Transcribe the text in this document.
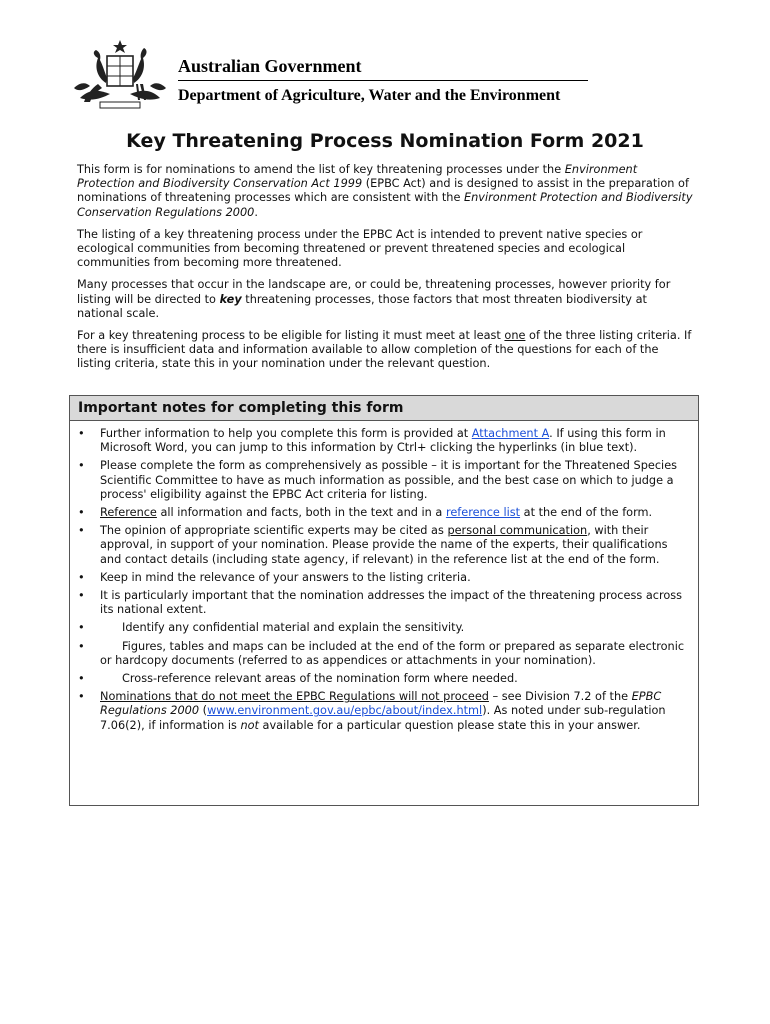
Australian Government
Department of Agriculture, Water and the Environment
Key Threatening Process Nomination Form 2021

This form is for nominations to amend the list of key threatening processes under the Environment Protection and Biodiversity Conservation Act 1999 (EPBC Act) and is designed to assist in the preparation of nominations of threatening processes which are consistent with the Environment Protection and Biodiversity Conservation Regulations 2000.

The listing of a key threatening process under the EPBC Act is intended to prevent native species or ecological communities from becoming threatened or prevent threatened species and ecological communities from becoming more threatened.

Many processes that occur in the landscape are, or could be, threatening processes, however priority for listing will be directed to key threatening processes, those factors that most threaten biodiversity at national scale.

For a key threatening process to be eligible for listing it must meet at least one of the three listing criteria. If there is insufficient data and information available to allow completion of the questions for each of the listing criteria, state this in your nomination under the relevant question.

Important notes for completing this form
• Further information to help you complete this form is provided at Attachment A. If using this form in Microsoft Word, you can jump to this information by Ctrl+ clicking the hyperlinks (in blue text).
• Please complete the form as comprehensively as possible – it is important for the Threatened Species Scientific Committee to have as much information as possible, and the best case on which to judge a process' eligibility against the EPBC Act criteria for listing.
• Reference all information and facts, both in the text and in a reference list at the end of the form.
• The opinion of appropriate scientific experts may be cited as personal communication, with their approval, in support of your nomination. Please provide the name of the experts, their qualifications and contact details (including state agency, if relevant) in the reference list at the end of the form.
• Keep in mind the relevance of your answers to the listing criteria.
• It is particularly important that the nomination addresses the impact of the threatening process across its national extent.
•	Identify any confidential material and explain the sensitivity.
•	Figures, tables and maps can be included at the end of the form or prepared as separate electronic or hardcopy documents (referred to as appendices or attachments in your nomination).
•	Cross-reference relevant areas of the nomination form where needed.
• Nominations that do not meet the EPBC Regulations will not proceed – see Division 7.2 of the EPBC Regulations 2000 (www.environment.gov.au/epbc/about/index.html). As noted under sub-regulation 7.06(2), if information is not available for a particular question please state this in your answer.
